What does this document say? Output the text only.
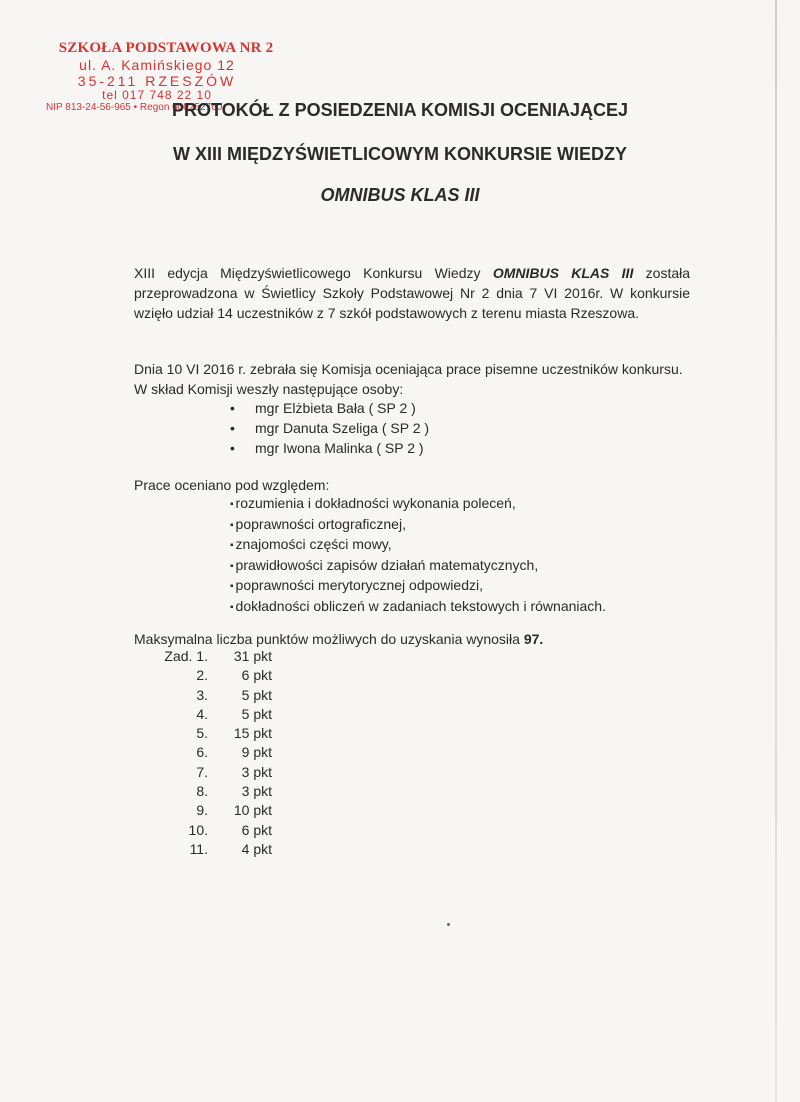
SZKOŁA PODSTAWOWA NR 2
ul. A. Kamińskiego 12
35-211 RZESZÓW
tel 017 748 22 10
NIP 813-24-56-965 • Regon 000252760
PROTOKÓŁ Z POSIEDZENIA KOMISJI OCENIAJĄCEJ
W XIII MIĘDZYŚWIETLICOWYM KONKURSIE WIEDZY
OMNIBUS KLAS III
XIII edycja Międzyświetlicowego Konkursu Wiedzy OMNIBUS KLAS III została przeprowadzona w Świetlicy Szkoły Podstawowej Nr 2 dnia 7 VI 2016r. W konkursie wzięło udział 14 uczestników z 7 szkół podstawowych z terenu miasta Rzeszowa.
Dnia 10 VI 2016 r. zebrała się Komisja oceniająca prace pisemne uczestników konkursu.
W skład Komisji weszły następujące osoby:
• mgr Elżbieta Bała ( SP 2 )
• mgr Danuta Szeliga ( SP 2 )
• mgr Iwona Malinka ( SP 2 )
Prace oceniano pod względem:
▪ rozumienia i dokładności wykonania poleceń,
▪ poprawności ortograficznej,
▪ znajomości części mowy,
▪ prawidłowości zapisów działań matematycznych,
▪ poprawności merytorycznej odpowiedzi,
▪ dokładności obliczeń w zadaniach tekstowych i równaniach.
Maksymalna liczba punktów możliwych do uzyskania wynosiła 97.
Zad. 1.	31 pkt
2.	6 pkt
3.	5 pkt
4.	5 pkt
5.	15 pkt
6.	9 pkt
7.	3 pkt
8.	3 pkt
9.	10 pkt
10.	6 pkt
11.	4 pkt
